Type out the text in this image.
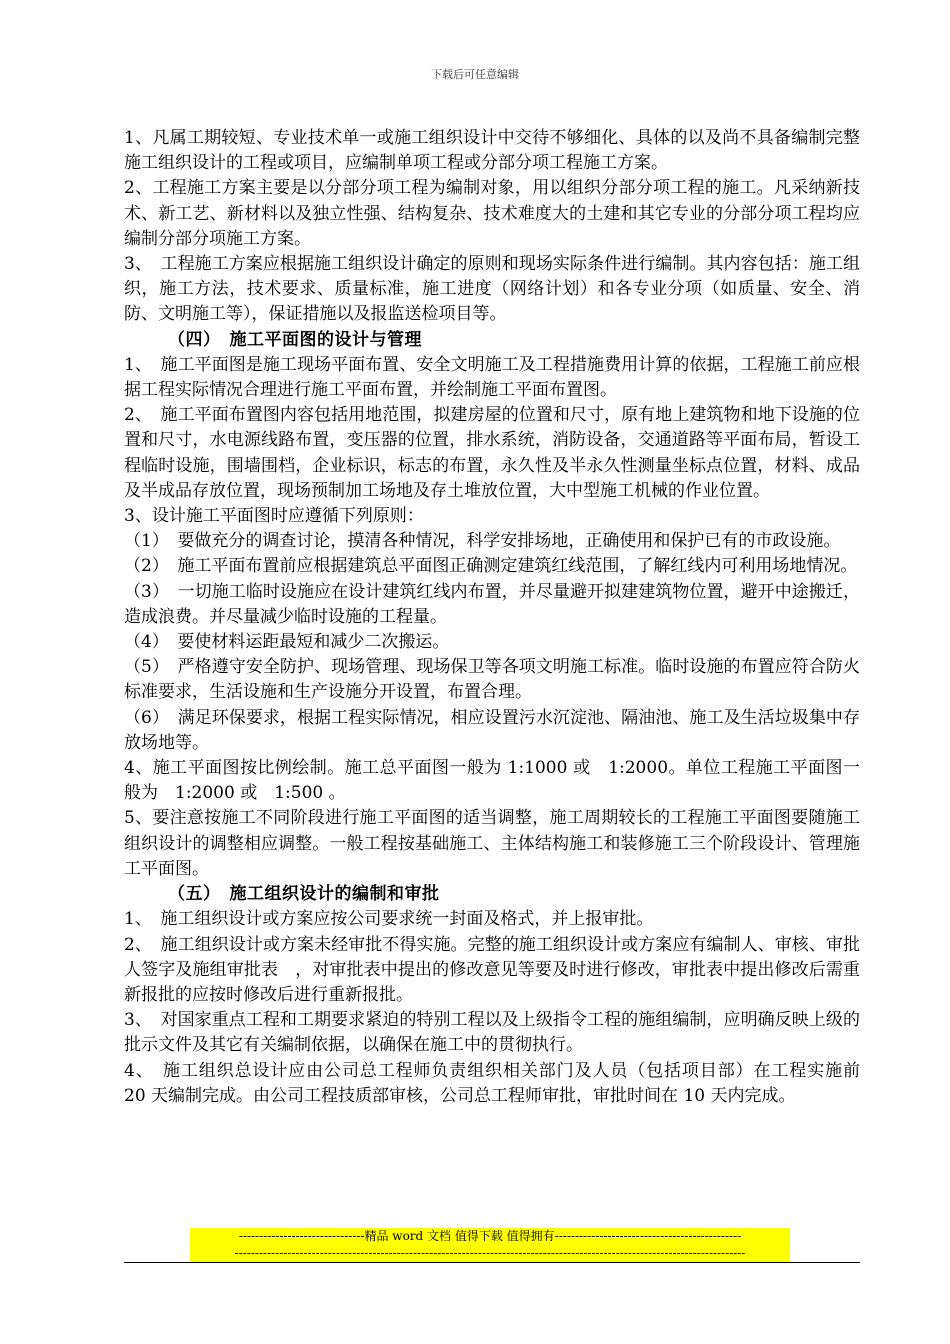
下载后可任意编辑

1、凡属工期较短、专业技术单一或施工组织设计中交待不够细化、具体的以及尚不具备编制完整施工组织设计的工程或项目，应编制单项工程或分部分项工程施工方案。

2、工程施工方案主要是以分部分项工程为编制对象，用以组织分部分项工程的施工。凡采纳新技术、新工艺、新材料以及独立性强、结构复杂、技术难度大的土建和其它专业的分部分项工程均应编制分部分项施工方案。

3、　工程施工方案应根据施工组织设计确定的原则和现场实际条件进行编制。其内容包括：施工组织，施工方法，技术要求、质量标准，施工进度（网络计划）和各专业分项（如质量、安全、消防、文明施工等），保证措施以及报监送检项目等。

（四）　施工平面图的设计与管理

1、　施工平面图是施工现场平面布置、安全文明施工及工程措施费用计算的依据，工程施工前应根据工程实际情况合理进行施工平面布置，并绘制施工平面布置图。

2、　施工平面布置图内容包括用地范围，拟建房屋的位置和尺寸，原有地上建筑物和地下设施的位置和尺寸，水电源线路布置，变压器的位置，排水系统，消防设备，交通道路等平面布局，暂设工程临时设施，围墙围档，企业标识，标志的布置，永久性及半永久性测量坐标点位置，材料、成品及半成品存放位置，现场预制加工场地及存土堆放位置，大中型施工机械的作业位置。

3、设计施工平面图时应遵循下列原则：

（1）　要做充分的调查讨论，摸清各种情况，科学安排场地，正确使用和保护已有的市政设施。

（2）　施工平面布置前应根据建筑总平面图正确测定建筑红线范围，了解红线内可利用场地情况。

（3）　一切施工临时设施应在设计建筑红线内布置，并尽量避开拟建建筑物位置，避开中途搬迁，造成浪费。并尽量减少临时设施的工程量。

（4）　要使材料运距最短和减少二次搬运。

（5）　严格遵守安全防护、现场管理、现场保卫等各项文明施工标准。临时设施的布置应符合防火标准要求，生活设施和生产设施分开设置，布置合理。

（6）　满足环保要求，根据工程实际情况，相应设置污水沉淀池、隔油池、施工及生活垃圾集中存放场地等。

4、施工平面图按比例绘制。施工总平面图一般为 1:1000 或　1:2000。单位工程施工平面图一般为　1:2000 或　1:500 。

5、要注意按施工不同阶段进行施工平面图的适当调整，施工周期较长的工程施工平面图要随施工组织设计的调整相应调整。一般工程按基础施工、主体结构施工和装修施工三个阶段设计、管理施工平面图。

（五）　施工组织设计的编制和审批

1、　施工组织设计或方案应按公司要求统一封面及格式，并上报审批。

2、　施工组织设计或方案未经审批不得实施。完整的施工组织设计或方案应有编制人、审核、审批人签字及施组审批表　，对审批表中提出的修改意见等要及时进行修改，审批表中提出修改后需重新报批的应按时修改后进行重新报批。

3、　对国家重点工程和工期要求紧迫的特别工程以及上级指令工程的施组编制，应明确反映上级的批示文件及其它有关编制依据，以确保在施工中的贯彻执行。

4、　施工组织总设计应由公司总工程师负责组织相关部门及人员（包括项目部）在工程实施前　20 天编制完成。由公司工程技质部审核，公司总工程师审批，审批时间在 10 天内完成。

-------------------------------精品 word 文档 值得下载 值得拥有----------------------------------------------
------------------------------------------------------------------------------------------------------------------------------
